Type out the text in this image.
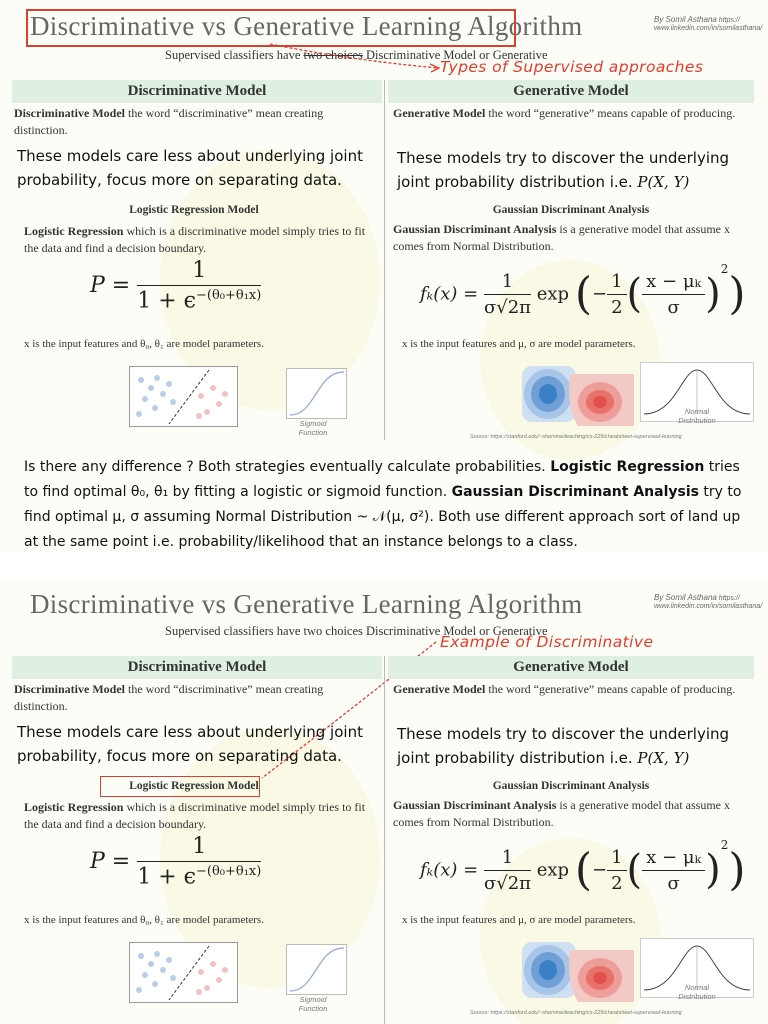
Discriminative vs Generative Learning Algorithm	By Somil Asthana https://
www.linkedin.com/in/somilasthana/
Supervised classifiers have two choices Discriminative Model or Generative
Types of Supervised approaches
Discriminative Model	Generative Model
Discriminative Model the word “discriminative” mean creating distinction.
These models care less about underlying joint probability, focus more on separating data.
Logistic Regression Model
Logistic Regression which is a discriminative model simply tries to fit the data and find a decision boundary.
$P = \frac{1}{1 + \epsilon^{-(\theta_0+\theta_1x)}}$
x is the input features and θ₀, θ₁ are model parameters.
Sigmoid
Function
Generative Model the word “generative” means capable of producing.
These models try to discover the underlying
joint probability distribution i.e. P(X, Y)
Gaussian Discriminant Analysis
Gaussian Discriminant Analysis is a generative model that assume x comes from Normal Distribution.
$f_k(x) = \frac{1}{\sigma√2\pi}$ exp (− $\frac{1}{2}$ ( $\frac{\text{x − μₖ}}{\sigma} )^2$)
x is the input features and μ, σ are model parameters.
Normal
Distribution
Source: https://stanford.edu/~shervine/teaching/cs-229/cheatsheet-supervised-learning
Is there any difference ? Both strategies eventually calculate probabilities. Logistic Regression tries to find optimal θ₀, θ₁ by fitting a logistic or sigmoid function. Gaussian Discriminant Analysis try to find optimal μ, σ assuming Normal Distribution ~ 𝒩(μ, σ²). Both use different approach sort of land up at the same point i.e. probability/likelihood that an instance belongs to a class.
Discriminative vs Generative Learning Algorithm	By Somil Asthana https://
www.linkedin.com/in/somilasthana/
Supervised classifiers have two choices Discriminative Model or Generative
Example of Discriminative
Discriminative Model	Generative Model
Discriminative Model the word “discriminative” mean creating distinction.
These models care less about underlying joint probability, focus more on separating data.
Logistic Regression Model
Logistic Regression which is a discriminative model simply tries to fit the data and find a decision boundary.
$P = \frac{1}{1 + \epsilon^{-(\theta_0+\theta_1x)}}$
x is the input features and θ₀, θ₁ are model parameters.
Sigmoid
Function
Generative Model the word “generative” means capable of producing.
These models try to discover the underlying
joint probability distribution i.e. P(X, Y)
Gaussian Discriminant Analysis
Gaussian Discriminant Analysis is a generative model that assume x comes from Normal Distribution.
$f_k(x) = \frac{1}{\sigma√2\pi}$ exp (− $\frac{1}{2}$ ( $\frac{\text{x − μₖ}}{\sigma} )^2$)
x is the input features and μ, σ are model parameters.
Normal
Distribution
Source: https://stanford.edu/~shervine/teaching/cs-229/cheatsheet-supervised-learning
